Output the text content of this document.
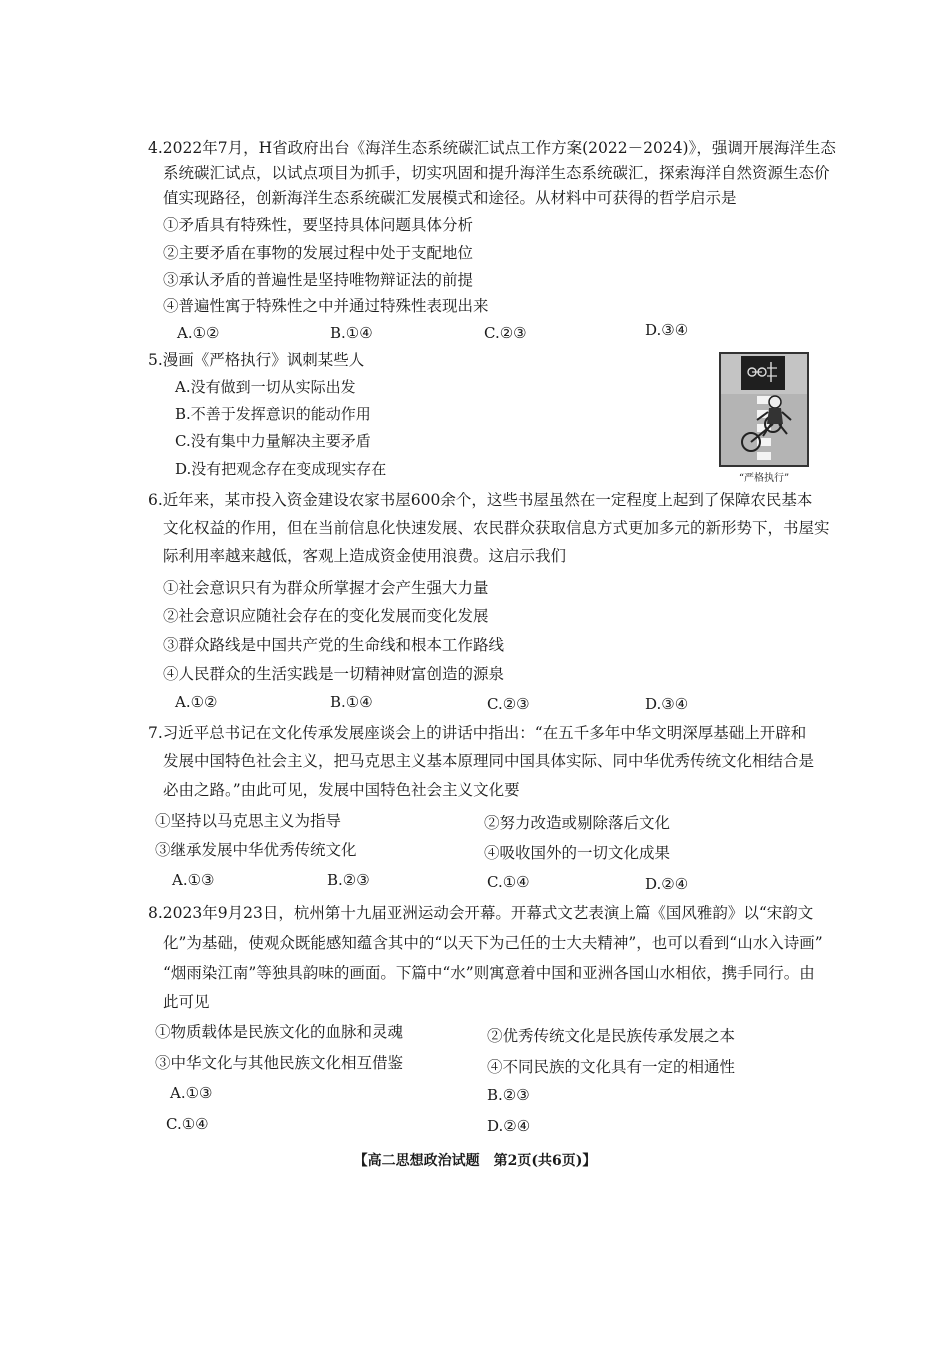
4.2022年7月，H省政府出台《海洋生态系统碳汇试点工作方案(2022－2024)》，强调开展海洋生态
系统碳汇试点，以试点项目为抓手，切实巩固和提升海洋生态系统碳汇，探索海洋自然资源生态价
值实现路径，创新海洋生态系统碳汇发展模式和途径。从材料中可获得的哲学启示是
①矛盾具有特殊性，要坚持具体问题具体分析
②主要矛盾在事物的发展过程中处于支配地位
③承认矛盾的普遍性是坚持唯物辩证法的前提
④普遍性寓于特殊性之中并通过特殊性表现出来
A.①②	B.①④	C.②③	D.③④
5.漫画《严格执行》讽刺某些人
A.没有做到一切从实际出发
B.不善于发挥意识的能动作用
C.没有集中力量解决主要矛盾
D.没有把观念存在变成现实存在
“严格执行”
6.近年来，某市投入资金建设农家书屋600余个，这些书屋虽然在一定程度上起到了保障农民基本
文化权益的作用，但在当前信息化快速发展、农民群众获取信息方式更加多元的新形势下，书屋实
际利用率越来越低，客观上造成资金使用浪费。这启示我们
①社会意识只有为群众所掌握才会产生强大力量
②社会意识应随社会存在的变化发展而变化发展
③群众路线是中国共产党的生命线和根本工作路线
④人民群众的生活实践是一切精神财富创造的源泉
A.①②	B.①④	C.②③	D.③④
7.习近平总书记在文化传承发展座谈会上的讲话中指出：“在五千多年中华文明深厚基础上开辟和
发展中国特色社会主义，把马克思主义基本原理同中国具体实际、同中华优秀传统文化相结合是
必由之路。”由此可见，发展中国特色社会主义文化要
①坚持以马克思主义为指导	②努力改造或剔除落后文化
③继承发展中华优秀传统文化	④吸收国外的一切文化成果
A.①③	B.②③	C.①④	D.②④
8.2023年9月23日，杭州第十九届亚洲运动会开幕。开幕式文艺表演上篇《国风雅韵》以“宋韵文
化”为基础，使观众既能感知蕴含其中的“以天下为己任的士大夫精神”，也可以看到“山水入诗画”
“烟雨染江南”等独具韵味的画面。下篇中“水”则寓意着中国和亚洲各国山水相依，携手同行。由
此可见
①物质载体是民族文化的血脉和灵魂	②优秀传统文化是民族传承发展之本
③中华文化与其他民族文化相互借鉴	④不同民族的文化具有一定的相通性
A.①③	B.②③
C.①④	D.②④
【高二思想政治试题　第2页(共6页)】
